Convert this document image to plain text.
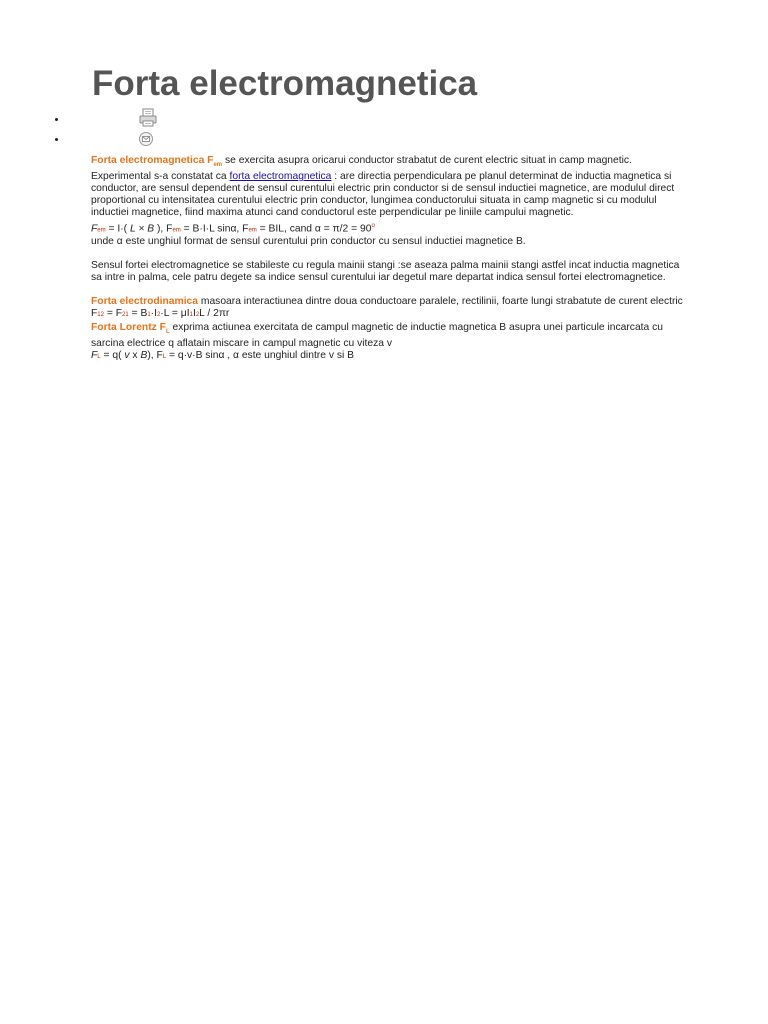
Forta electromagnetica

Forta electromagnetica $F_{em}$ se exercita asupra oricarui conductor strabatut de curent electric situat in camp magnetic. Experimental s-a constatat ca forta electromagnetica : are directia perpendiculara pe planul determinat de inductia magnetica si conductor, are sensul dependent de sensul curentului electric prin conductor si de sensul inductiei magnetice, are modulul direct proportional cu intensitatea curentului electric prin conductor, lungimea conductorului situata in camp magnetic si cu modulul inductiei magnetice, fiind maxima atunci cand conductorul este perpendicular pe liniile campului magnetic.

Fem = I·( L × B ), Fem = B·I·L sinα, Fem = BIL, cand $\alpha = \pi/2 = 90^o$

unde α este unghiul format de sensul curentului prin conductor cu sensul inductiei magnetice B.

Sensul fortei electromagnetice se stabileste cu regula mainii stangi :se aseaza palma mainii stangi astfel incat inductia magnetica sa intre in palma, cele patru degete sa indice sensul curentului iar degetul mare departat indica sensul fortei electromagnetice.

Forta electrodinamica masoara interactiunea dintre doua conductoare paralele, rectilinii, foarte lungi strabatute de curent electric

F12 = F21 = B1·I2·L = μI1I2L / 2πr

Forta Lorentz $F_L$ exprima actiunea exercitata de campul magnetic de inductie magnetica B asupra unei particule incarcata cu sarcina electrice q aflatain miscare in campul magnetic cu viteza v

FL = q( v x B), FL = q·v·B sinα , α este unghiul dintre v si B
